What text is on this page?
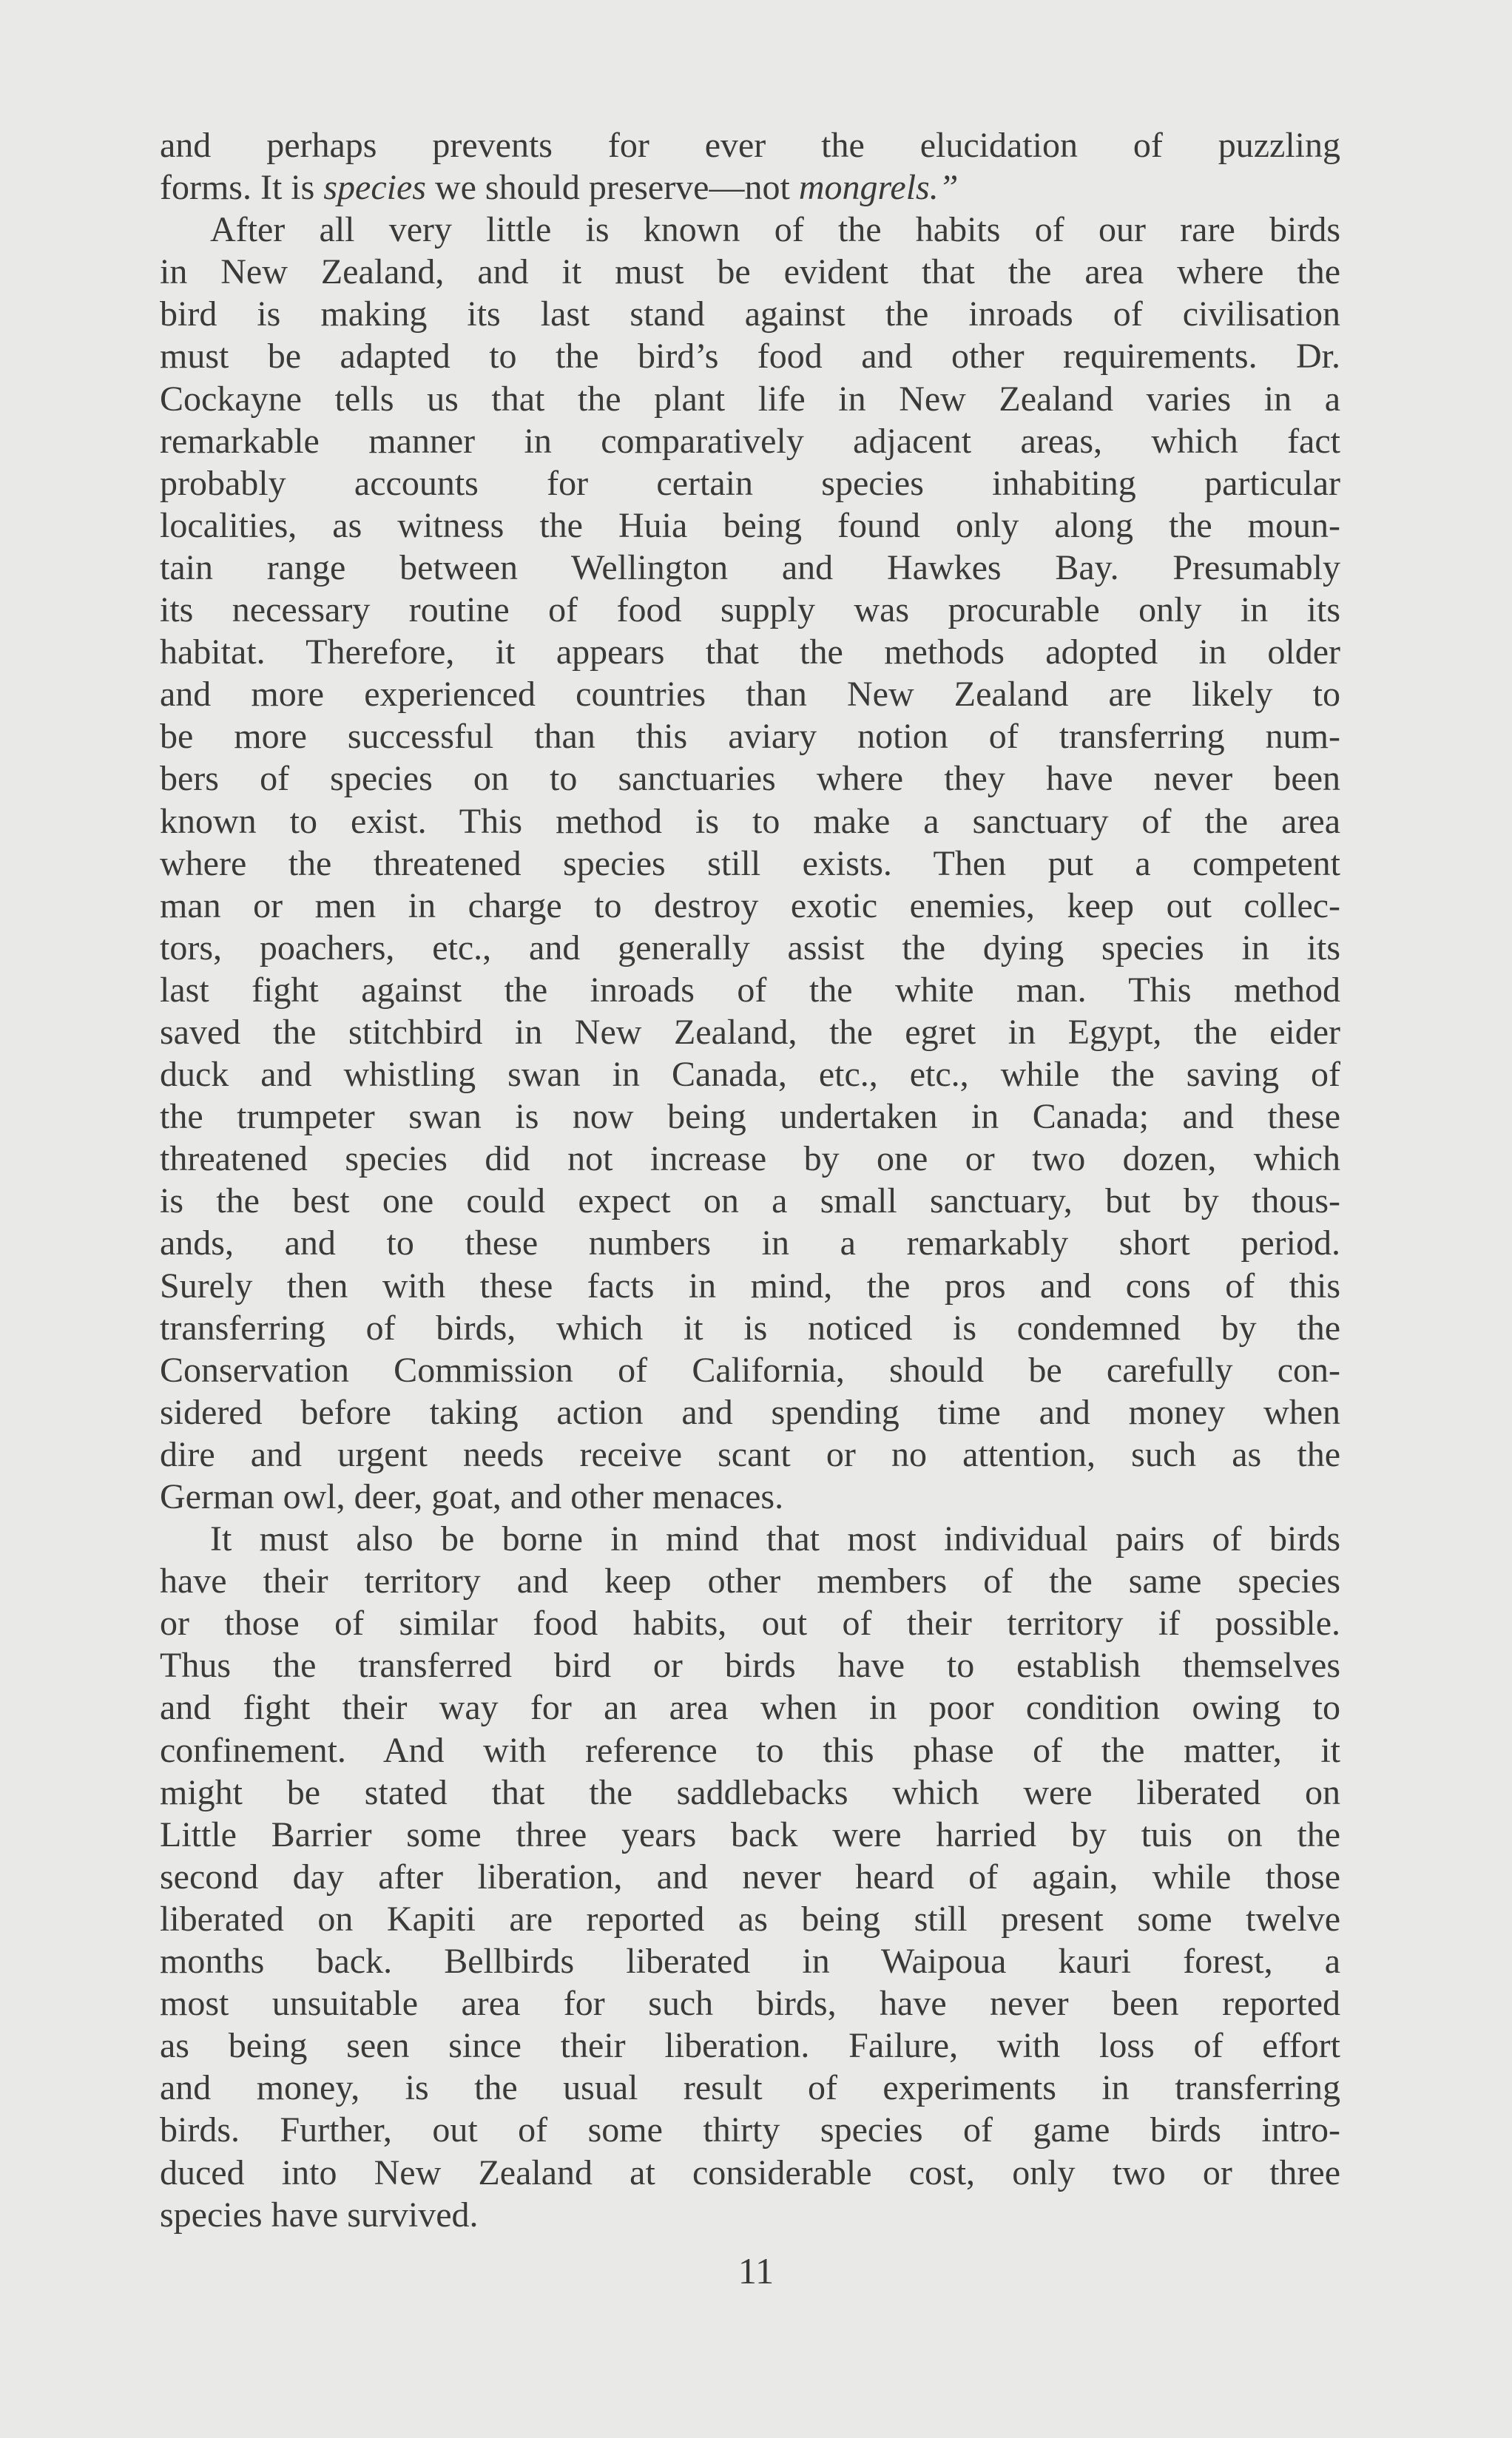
and perhaps prevents for ever the elucidation of puzzling
forms. It is species we should preserve—not mongrels.”
After all very little is known of the habits of our rare birds
in New Zealand, and it must be evident that the area where the
bird is making its last stand against the inroads of civilisation
must be adapted to the bird’s food and other requirements. Dr.
Cockayne tells us that the plant life in New Zealand varies in a
remarkable manner in comparatively adjacent areas, which fact
probably accounts for certain species inhabiting particular
localities, as witness the Huia being found only along the moun-
tain range between Wellington and Hawkes Bay. Presumably
its necessary routine of food supply was procurable only in its
habitat. Therefore, it appears that the methods adopted in older
and more experienced countries than New Zealand are likely to
be more successful than this aviary notion of transferring num-
bers of species on to sanctuaries where they have never been
known to exist. This method is to make a sanctuary of the area
where the threatened species still exists. Then put a competent
man or men in charge to destroy exotic enemies, keep out collec-
tors, poachers, etc., and generally assist the dying species in its
last fight against the inroads of the white man. This method
saved the stitchbird in New Zealand, the egret in Egypt, the eider
duck and whistling swan in Canada, etc., etc., while the saving of
the trumpeter swan is now being undertaken in Canada; and these
threatened species did not increase by one or two dozen, which
is the best one could expect on a small sanctuary, but by thous-
ands, and to these numbers in a remarkably short period.
Surely then with these facts in mind, the pros and cons of this
transferring of birds, which it is noticed is condemned by the
Conservation Commission of California, should be carefully con-
sidered before taking action and spending time and money when
dire and urgent needs receive scant or no attention, such as the
German owl, deer, goat, and other menaces.
It must also be borne in mind that most individual pairs of birds
have their territory and keep other members of the same species
or those of similar food habits, out of their territory if possible.
Thus the transferred bird or birds have to establish themselves
and fight their way for an area when in poor condition owing to
confinement. And with reference to this phase of the matter, it
might be stated that the saddlebacks which were liberated on
Little Barrier some three years back were harried by tuis on the
second day after liberation, and never heard of again, while those
liberated on Kapiti are reported as being still present some twelve
months back. Bellbirds liberated in Waipoua kauri forest, a
most unsuitable area for such birds, have never been reported
as being seen since their liberation. Failure, with loss of effort
and money, is the usual result of experiments in transferring
birds. Further, out of some thirty species of game birds intro-
duced into New Zealand at considerable cost, only two or three
species have survived.
11
